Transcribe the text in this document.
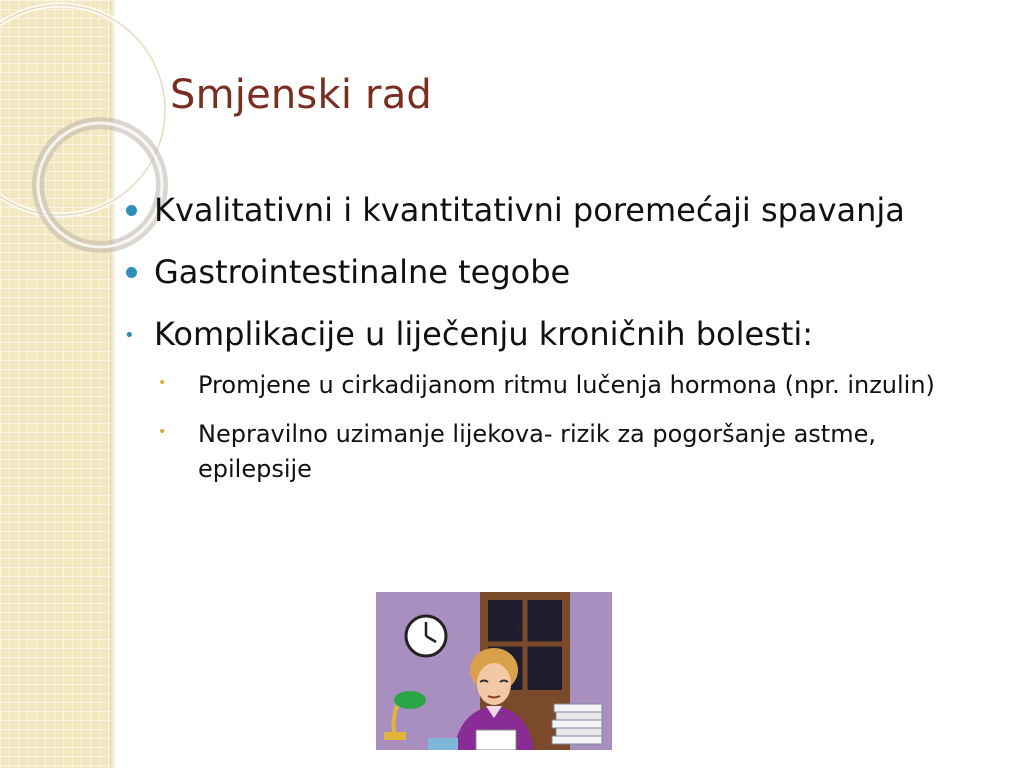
Smjenski rad
Kvalitativni i kvantitativni poremećaji spavanja
Gastrointestinalne tegobe
• Komplikacije u liječenju kroničnih bolesti:
• Promjene u cirkadijanom ritmu lučenja hormona (npr. inzulin)
• Nepravilno uzimanje lijekova- rizik za pogoršanje astme, epilepsije
